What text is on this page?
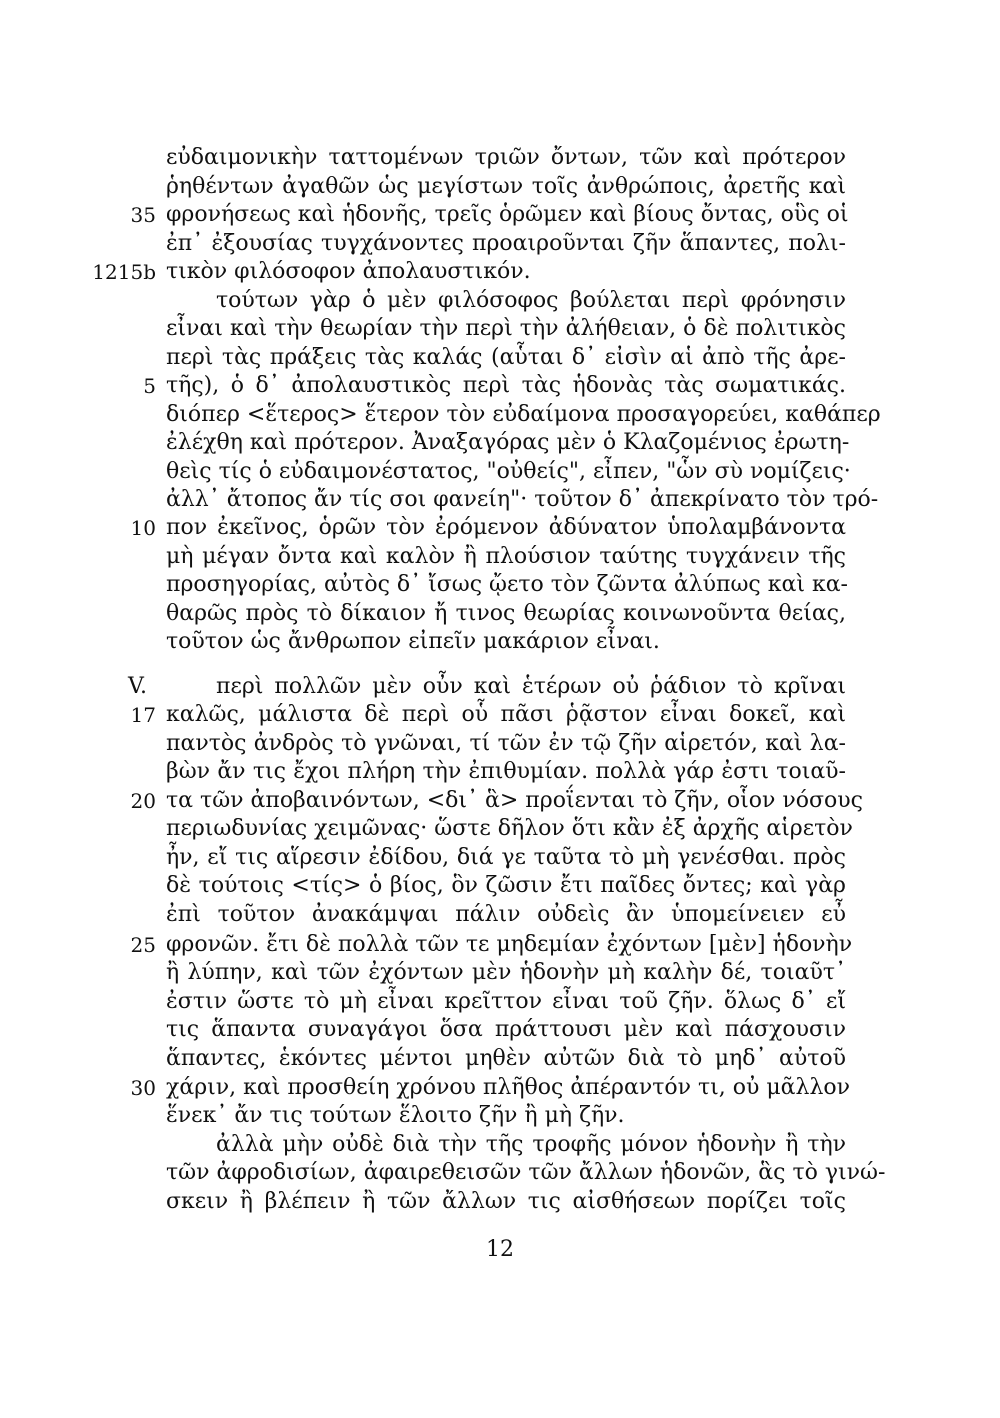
35
1215b
5
10
V.
17
20
25
30
εὐδαιμονικὴν ταττομένων τριῶν ὄντων, τῶν καὶ πρότερον
ῥηθέντων ἀγαθῶν ὡς μεγίστων τοῖς ἀνθρώποις, ἀρετῆς καὶ
φρονήσεως καὶ ἡδονῆς, τρεῖς ὁρῶμεν καὶ βίους ὄντας, οὓς οἱ
ἐπ᾽ ἐξουσίας τυγχάνοντες προαιροῦνται ζῆν ἅπαντες, πολι-
τικὸν φιλόσοφον ἀπολαυστικόν.
τούτων γὰρ ὁ μὲν φιλόσοφος βούλεται περὶ φρόνησιν
εἶναι καὶ τὴν θεωρίαν τὴν περὶ τὴν ἀλήθειαν, ὁ δὲ πολιτικὸς
περὶ τὰς πράξεις τὰς καλάς (αὗται δ᾽ εἰσὶν αἱ ἀπὸ τῆς ἀρε-
τῆς), ὁ δ᾽ ἀπολαυστικὸς περὶ τὰς ἡδονὰς τὰς σωματικάς.
διόπερ <ἕτερος> ἕτερον τὸν εὐδαίμονα προσαγορεύει, καθάπερ
ἐλέχθη καὶ πρότερον. Ἀναξαγόρας μὲν ὁ Κλαζομένιος ἐρωτη-
θεὶς τίς ὁ εὐδαιμονέστατος, "οὐθείς", εἶπεν, "ὧν σὺ νομίζεις·
ἀλλ᾽ ἄτοπος ἄν τίς σοι φανείη"· τοῦτον δ᾽ ἀπεκρίνατο τὸν τρό-
πον ἐκεῖνος, ὁρῶν τὸν ἐρόμενον ἀδύνατον ὑπολαμβάνοντα
μὴ μέγαν ὄντα καὶ καλὸν ἢ πλούσιον ταύτης τυγχάνειν τῆς
προσηγορίας, αὐτὸς δ᾽ ἴσως ᾤετο τὸν ζῶντα ἀλύπως καὶ κα-
θαρῶς πρὸς τὸ δίκαιον ἤ τινος θεωρίας κοινωνοῦντα θείας,
τοῦτον ὡς ἄνθρωπον εἰπεῖν μακάριον εἶναι.
περὶ πολλῶν μὲν οὖν καὶ ἑτέρων οὐ ῥάδιον τὸ κρῖναι
καλῶς, μάλιστα δὲ περὶ οὗ πᾶσι ῥᾷστον εἶναι δοκεῖ, καὶ
παντὸς ἀνδρὸς τὸ γνῶναι, τί τῶν ἐν τῷ ζῆν αἱρετόν, καὶ λα-
βὼν ἄν τις ἔχοι πλήρη τὴν ἐπιθυμίαν. πολλὰ γάρ ἐστι τοιαῦ-
τα τῶν ἀποβαινόντων, <δι᾽ ἃ> προΐενται τὸ ζῆν, οἷον νόσους
περιωδυνίας χειμῶνας· ὥστε δῆλον ὅτι κἂν ἐξ ἀρχῆς αἱρετὸν
ἦν, εἴ τις αἵρεσιν ἐδίδου, διά γε ταῦτα τὸ μὴ γενέσθαι. πρὸς
δὲ τούτοις <τίς> ὁ βίος, ὃν ζῶσιν ἔτι παῖδες ὄντες; καὶ γὰρ
ἐπὶ τοῦτον ἀνακάμψαι πάλιν οὐδεὶς ἂν ὑπομείνειεν εὖ
φρονῶν. ἔτι δὲ πολλὰ τῶν τε μηδεμίαν ἐχόντων [μὲν] ἡδονὴν
ἢ λύπην, καὶ τῶν ἐχόντων μὲν ἡδονὴν μὴ καλὴν δέ, τοιαῦτ᾽
ἐστιν ὥστε τὸ μὴ εἶναι κρεῖττον εἶναι τοῦ ζῆν. ὅλως δ᾽ εἴ
τις ἅπαντα συναγάγοι ὅσα πράττουσι μὲν καὶ πάσχουσιν
ἅπαντες, ἑκόντες μέντοι μηθὲν αὐτῶν διὰ τὸ μηδ᾽ αὐτοῦ
χάριν, καὶ προσθείη χρόνου πλῆθος ἀπέραντόν τι, οὐ μᾶλλον
ἕνεκ᾽ ἄν τις τούτων ἕλοιτο ζῆν ἢ μὴ ζῆν.
ἀλλὰ μὴν οὐδὲ διὰ τὴν τῆς τροφῆς μόνον ἡδονὴν ἢ τὴν
τῶν ἀφροδισίων, ἀφαιρεθεισῶν τῶν ἄλλων ἡδονῶν, ἃς τὸ γινώ-
σκειν ἢ βλέπειν ἢ τῶν ἄλλων τις αἰσθήσεων πορίζει τοῖς
12
